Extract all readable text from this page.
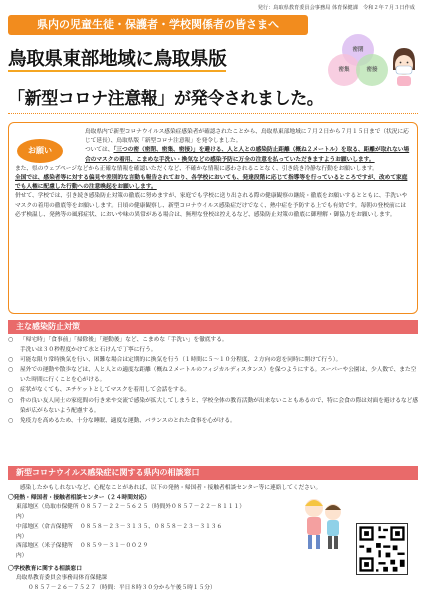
発行：鳥取県教育委員会事務局 体育保健課　令和２年７月３日作成
県内の児童生徒・保護者・学校関係者の皆さまへ
鳥取県東部地域に鳥取県版
「新型コロナ注意報」が発令されました。
密閉
密集	密接
お願い

鳥取県内で新型コロナウイルス感染症感染者が確認されたことから、鳥取県東部地域に７月２日から７月１５日まで（状況に応じて延長）、鳥取県版「新型コロナ注意報」を発令しました。

ついては、「三つの密（密閉、密集、密接）」を避ける、人と人との感染防止距離（概ね２メートル）を取る、距離が取れない場合のマスクの着用、こまめな手洗い・換気などの感染予防に万全の注意を払っていただきますようお願いします。

また、県のウェブページなどから正確な情報を確認いただくなど、不確かな情報に惑わされることなく、引き続き冷静な行動をお願いします。

全国では、感染者等に対する偏見や差別的な言動も報告されており、各学校においても、発達段階に応じて指導等を行っているところですが、改めて家庭でも人権に配慮した行動への注意喚起をお願いします。

併せて、学校では、引き続き感染防止対策の徹底に努めますが、家庭でも学校に送り出される際の健康観察の継続・徹底をお願いするとともに、手洗いやマスクの着用の徹底等をお願いします。日頃の健康観察し、新型コロナウイルス感染症だけでなく、熱中症を予防する上でも有効です。毎朝の登校前には必ず検温し、発熱等の風邪症状、においや味の異常がある場合は、無理な登校は控えるなど、感染防止対策の徹底に御理解・御協力をお願いします。

主な感染防止対策
○	「帰宅時」「食事前」「掃除後」「運動後」など、こまめな「手洗い」を徹底する。
手洗いは３０秒程度かけて水と石けんで丁寧に行う。
○	可能な限り常時換気を行い、困難な場合は定期的に換気を行う（１時間に５～１０分程度、２方向の窓を同時に開けて行う）。
○	屋外での運動や散歩などは、人と人との適度な距離（概ね２メートルのフィジカルディスタンス）を保つようにする。スーパーや公園は、少人数で、また空いた時間に行くことを心がける。
○	症状がなくても、エチケットとしてマスクを着用して会話をする。
○	件の良い友人同士の家庭間の行き来や交流で感染が拡大してしまうと、学校全体の教育活動が出来ないこともあるので、特に会食の際は対面を避けるなど感染が広がらないよう配慮する。
○	免疫力を高めるため、十分な睡眠、適度な運動、バランスのとれた食事を心がける。
新型コロナウイルス感染症に関する県内の相談窓口
感染したかもしれないなど、心配なことがあれば、以下の発熱・帰国者・接触者相談センター等に連絡してください。
〇発熱・帰国者・接触者相談センター（２４時間対応）
東部地区（鳥取市保健所内）
０８５７－２２－５６２５（時間外０８５７－２２－８１１１）
中部地区（倉吉保健所内）
０８５８－２３－３１３５、０８５８－２３－３１３６
西部地区（米子保健所内）
０８５９－３１－００２９
〇学校教育に関する相談窓口
鳥取県教育委員会事務局体育保健課
０８５７－２６－７５２７（時間：平日８時３０分から午後５時１５分）
